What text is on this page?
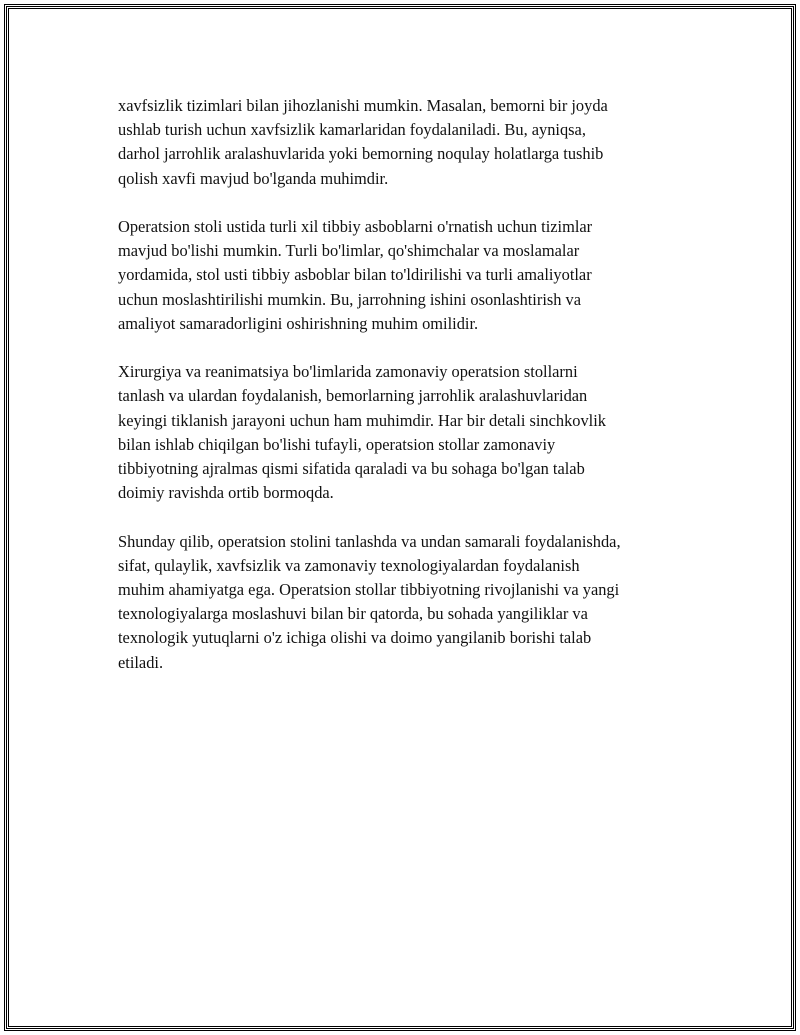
xavfsizlik tizimlari bilan jihozlanishi mumkin. Masalan, bemorni bir joyda
ushlab turish uchun xavfsizlik kamarlaridan foydalaniladi. Bu, ayniqsa,
darhol jarrohlik aralashuvlarida yoki bemorning noqulay holatlarga tushib
qolish xavfi mavjud bo'lganda muhimdir.

Operatsion stoli ustida turli xil tibbiy asboblarni o'rnatish uchun tizimlar
mavjud bo'lishi mumkin. Turli bo'limlar, qo'shimchalar va moslamalar
yordamida, stol usti tibbiy asboblar bilan to'ldirilishi va turli amaliyotlar
uchun moslashtirilishi mumkin. Bu, jarrohning ishini osonlashtirish va
amaliyot samaradorligini oshirishning muhim omilidir.

Xirurgiya va reanimatsiya bo'limlarida zamonaviy operatsion stollarni
tanlash va ulardan foydalanish, bemorlarning jarrohlik aralashuvlaridan
keyingi tiklanish jarayoni uchun ham muhimdir. Har bir detali sinchkovlik
bilan ishlab chiqilgan bo'lishi tufayli, operatsion stollar zamonaviy
tibbiyotning ajralmas qismi sifatida qaraladi va bu sohaga bo'lgan talab
doimiy ravishda ortib bormoqda.

Shunday qilib, operatsion stolini tanlashda va undan samarali foydalanishda,
sifat, qulaylik, xavfsizlik va zamonaviy texnologiyalardan foydalanish
muhim ahamiyatga ega. Operatsion stollar tibbiyotning rivojlanishi va yangi
texnologiyalarga moslashuvi bilan bir qatorda, bu sohada yangiliklar va
texnologik yutuqlarni o'z ichiga olishi va doimo yangilanib borishi talab
etiladi.
